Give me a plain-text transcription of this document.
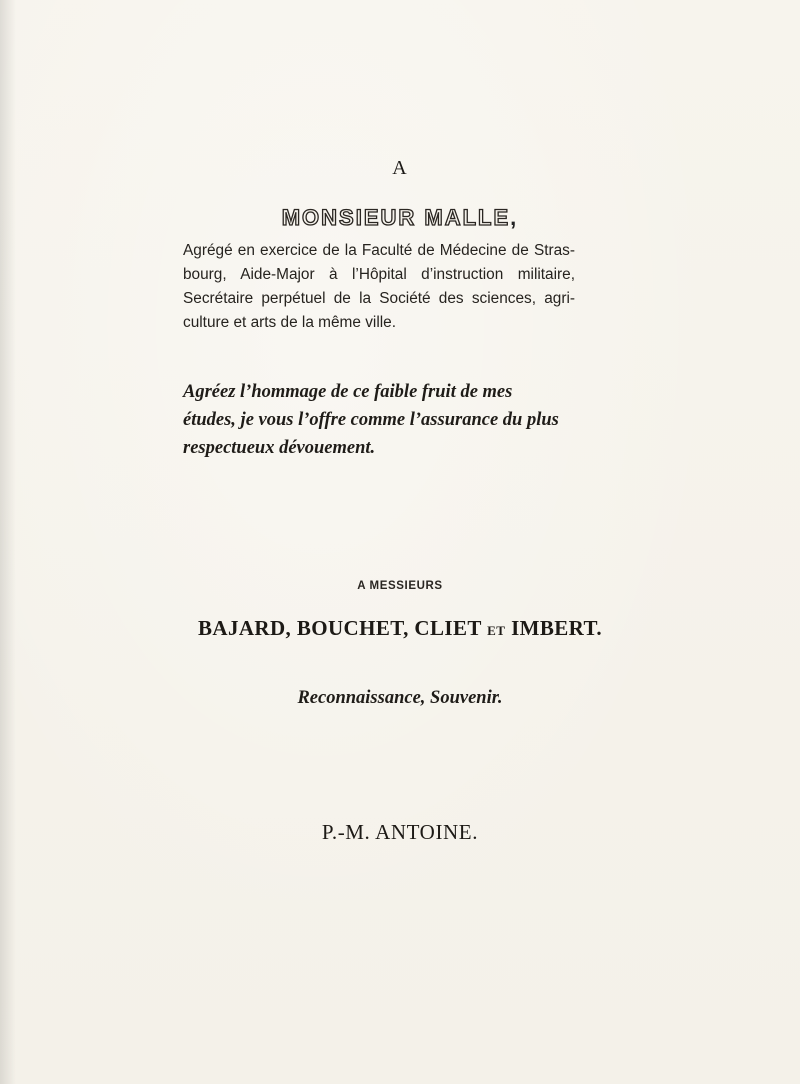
A
MONSIEUR MALLE,
Agrégé en exercice de la Faculté de Médecine de Stras-
bourg, Aide-Major à l’Hôpital d’instruction militaire,
Secrétaire perpétuel de la Société des sciences, agri-
culture et arts de la même ville.
Agréez l’hommage de ce faible fruit de mes
études, je vous l’offre comme l’assurance du plus
respectueux dévouement.
A MESSIEURS
BAJARD, BOUCHET, CLIET ET IMBERT.
Reconnaissance, Souvenir.
P.-M. ANTOINE.
